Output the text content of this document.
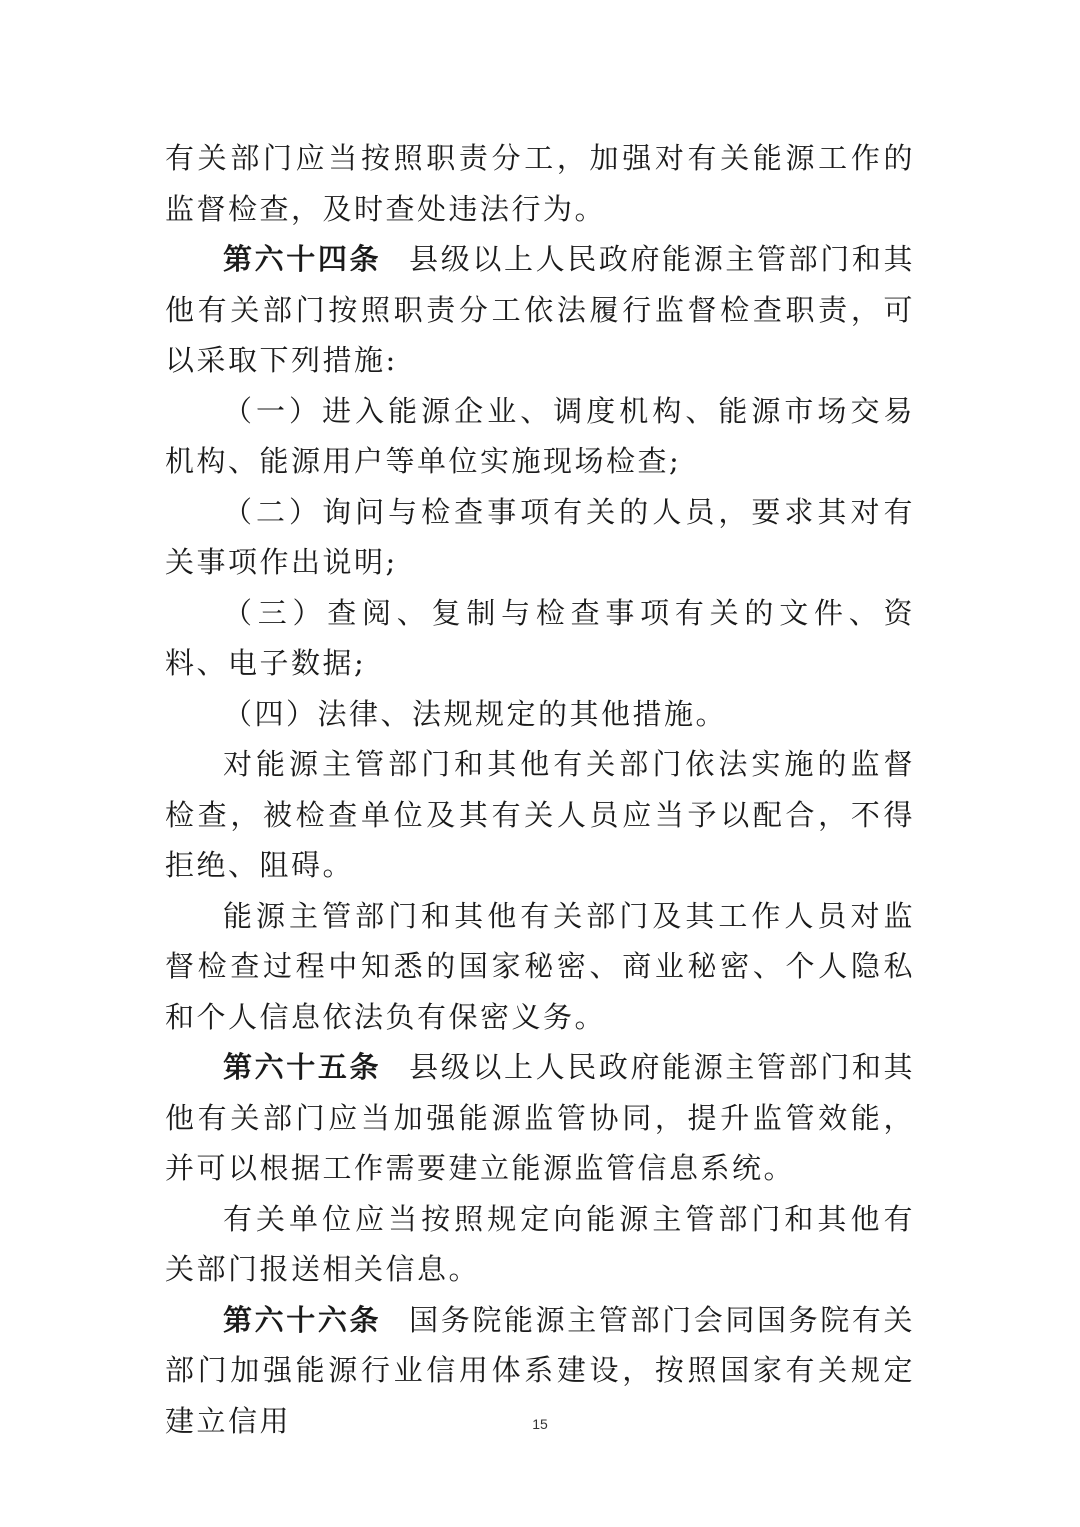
有关部门应当按照职责分工，加强对有关能源工作的监督检查，及时查处违法行为。

第六十四条 县级以上人民政府能源主管部门和其他有关部门按照职责分工依法履行监督检查职责，可以采取下列措施:

（一）进入能源企业、调度机构、能源市场交易机构、能源用户等单位实施现场检查;

（二）询问与检查事项有关的人员，要求其对有关事项作出说明;

（三）查阅、复制与检查事项有关的文件、资料、电子数据;

（四）法律、法规规定的其他措施。

对能源主管部门和其他有关部门依法实施的监督检查，被检查单位及其有关人员应当予以配合，不得拒绝、阻碍。

能源主管部门和其他有关部门及其工作人员对监督检查过程中知悉的国家秘密、商业秘密、个人隐私和个人信息依法负有保密义务。

第六十五条 县级以上人民政府能源主管部门和其他有关部门应当加强能源监管协同，提升监管效能，并可以根据工作需要建立能源监管信息系统。

有关单位应当按照规定向能源主管部门和其他有关部门报送相关信息。

第六十六条 国务院能源主管部门会同国务院有关部门加强能源行业信用体系建设，按照国家有关规定建立信用	15
